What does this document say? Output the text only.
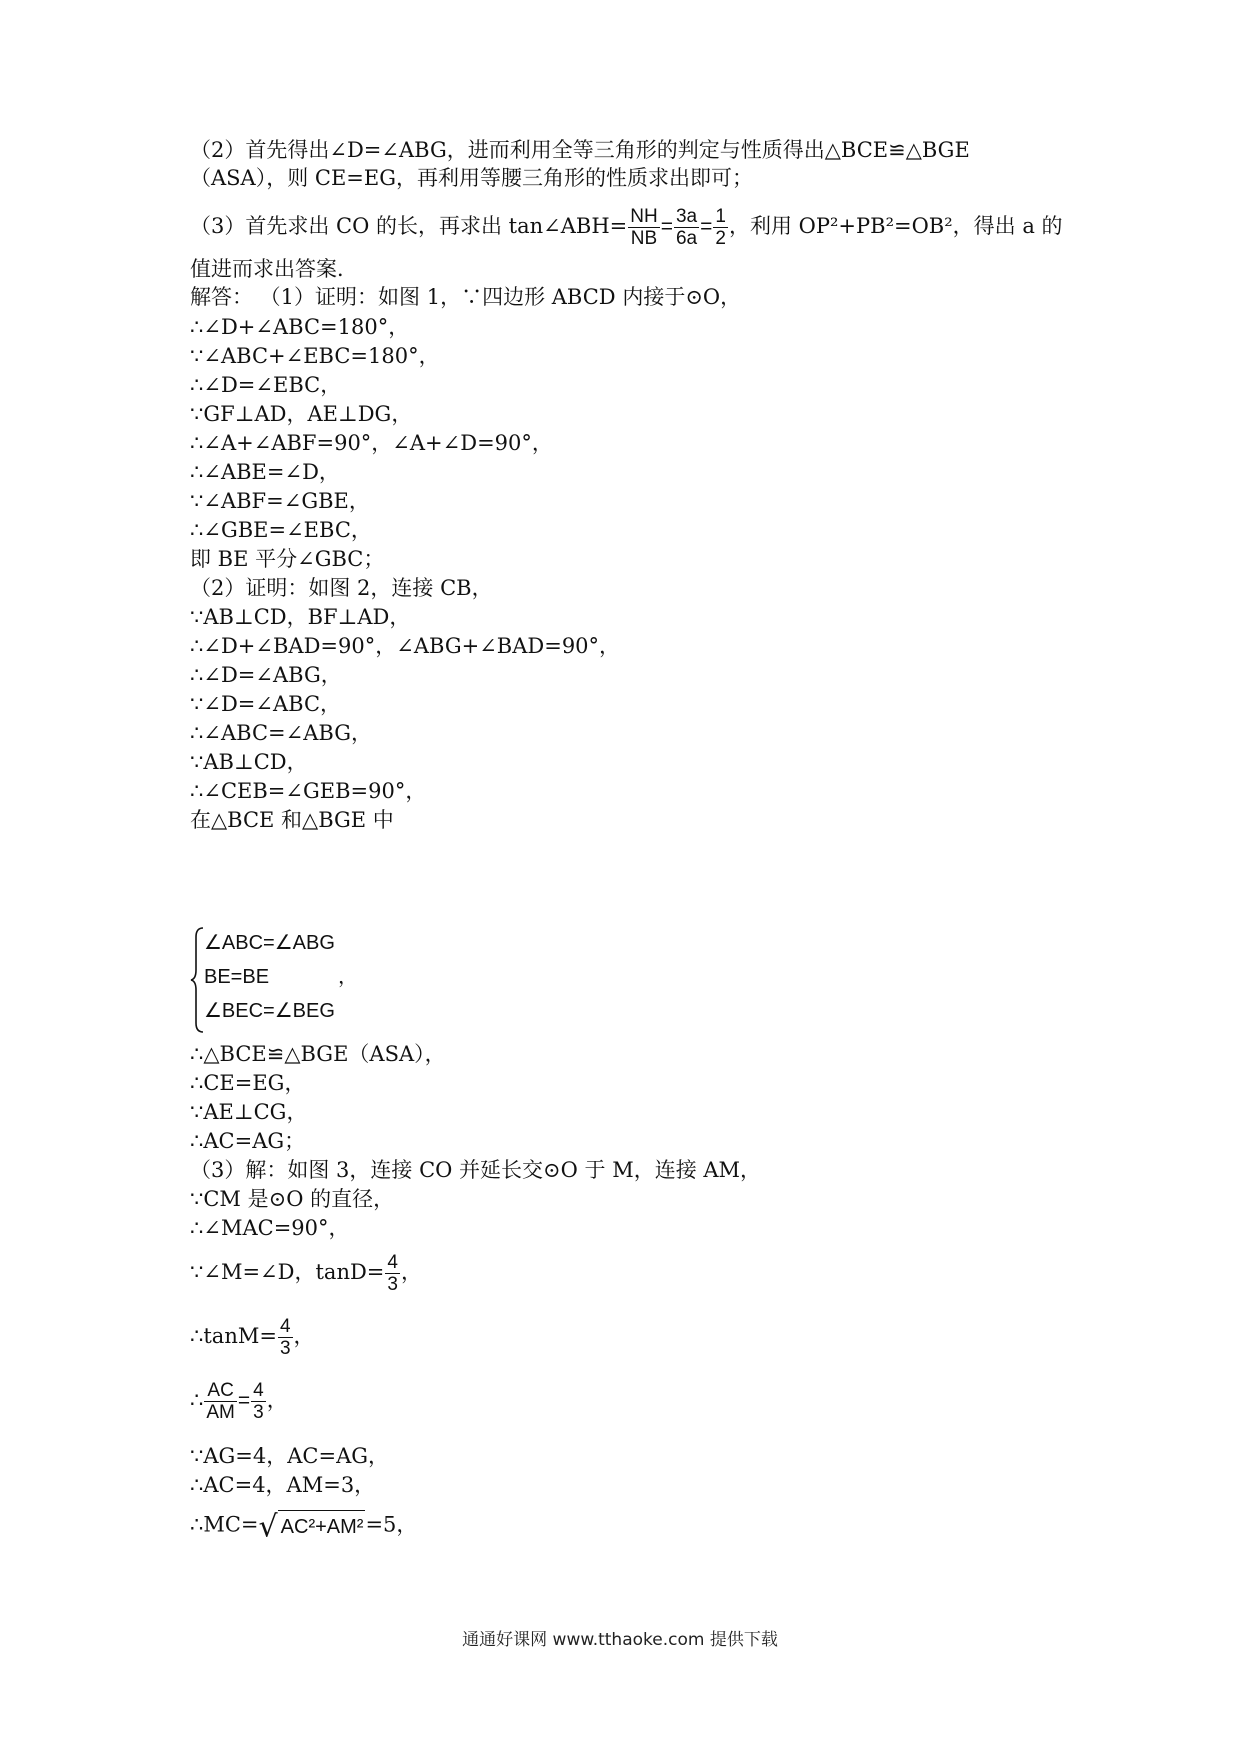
（2）首先得出∠D=∠ABG，进而利用全等三角形的判定与性质得出△BCE≌△BGE
（ASA），则 CE=EG，再利用等腰三角形的性质求出即可；
（3）首先求出 CO 的长，再求出 tan∠ABH= $\frac{NH}{NB} = \frac{3a}{6a} = \frac{1}{2}$ ，利用 OP²+PB²=OB²，得出 a 的
值进而求出答案．
解答： （1）证明：如图 1，∵四边形 ABCD 内接于⊙O，
∴∠D+∠ABC=180°，
∵∠ABC+∠EBC=180°，
∴∠D=∠EBC，
∵GF⊥AD，AE⊥DG，
∴∠A+∠ABF=90°，∠A+∠D=90°，
∴∠ABE=∠D，
∵∠ABF=∠GBE，
∴∠GBE=∠EBC，
即 BE 平分∠GBC；
（2）证明：如图 2，连接 CB，
∵AB⊥CD，BF⊥AD，
∴∠D+∠BAD=90°，∠ABG+∠BAD=90°，
∴∠D=∠ABG，
∵∠D=∠ABC，
∴∠ABC=∠ABG，
∵AB⊥CD，
∴∠CEB=∠GEB=90°，
在△BCE 和△BGE 中
∠ABC=∠ABG
BE=BE	，
∠BEC=∠BEG
∴△BCE≌△BGE（ASA），
∴CE=EG，
∵AE⊥CG，
∴AC=AG；
（3）解：如图 3，连接 CO 并延长交⊙O 于 M，连接 AM，
∵CM 是⊙O 的直径，
∴∠MAC=90°，
∵∠M=∠D，$\tan D= \frac{4}{3}$ ，
∴tanM= $\frac{4}{3}$ ，
∴ $\frac{AC}{AM} = \frac{4}{3}$ ，
∵AG=4，AC=AG，
∴AC=4，AM=3，
∴MC=√ AC²+AM²=5，
通通好课网 www.tthaoke.com 提供下载
